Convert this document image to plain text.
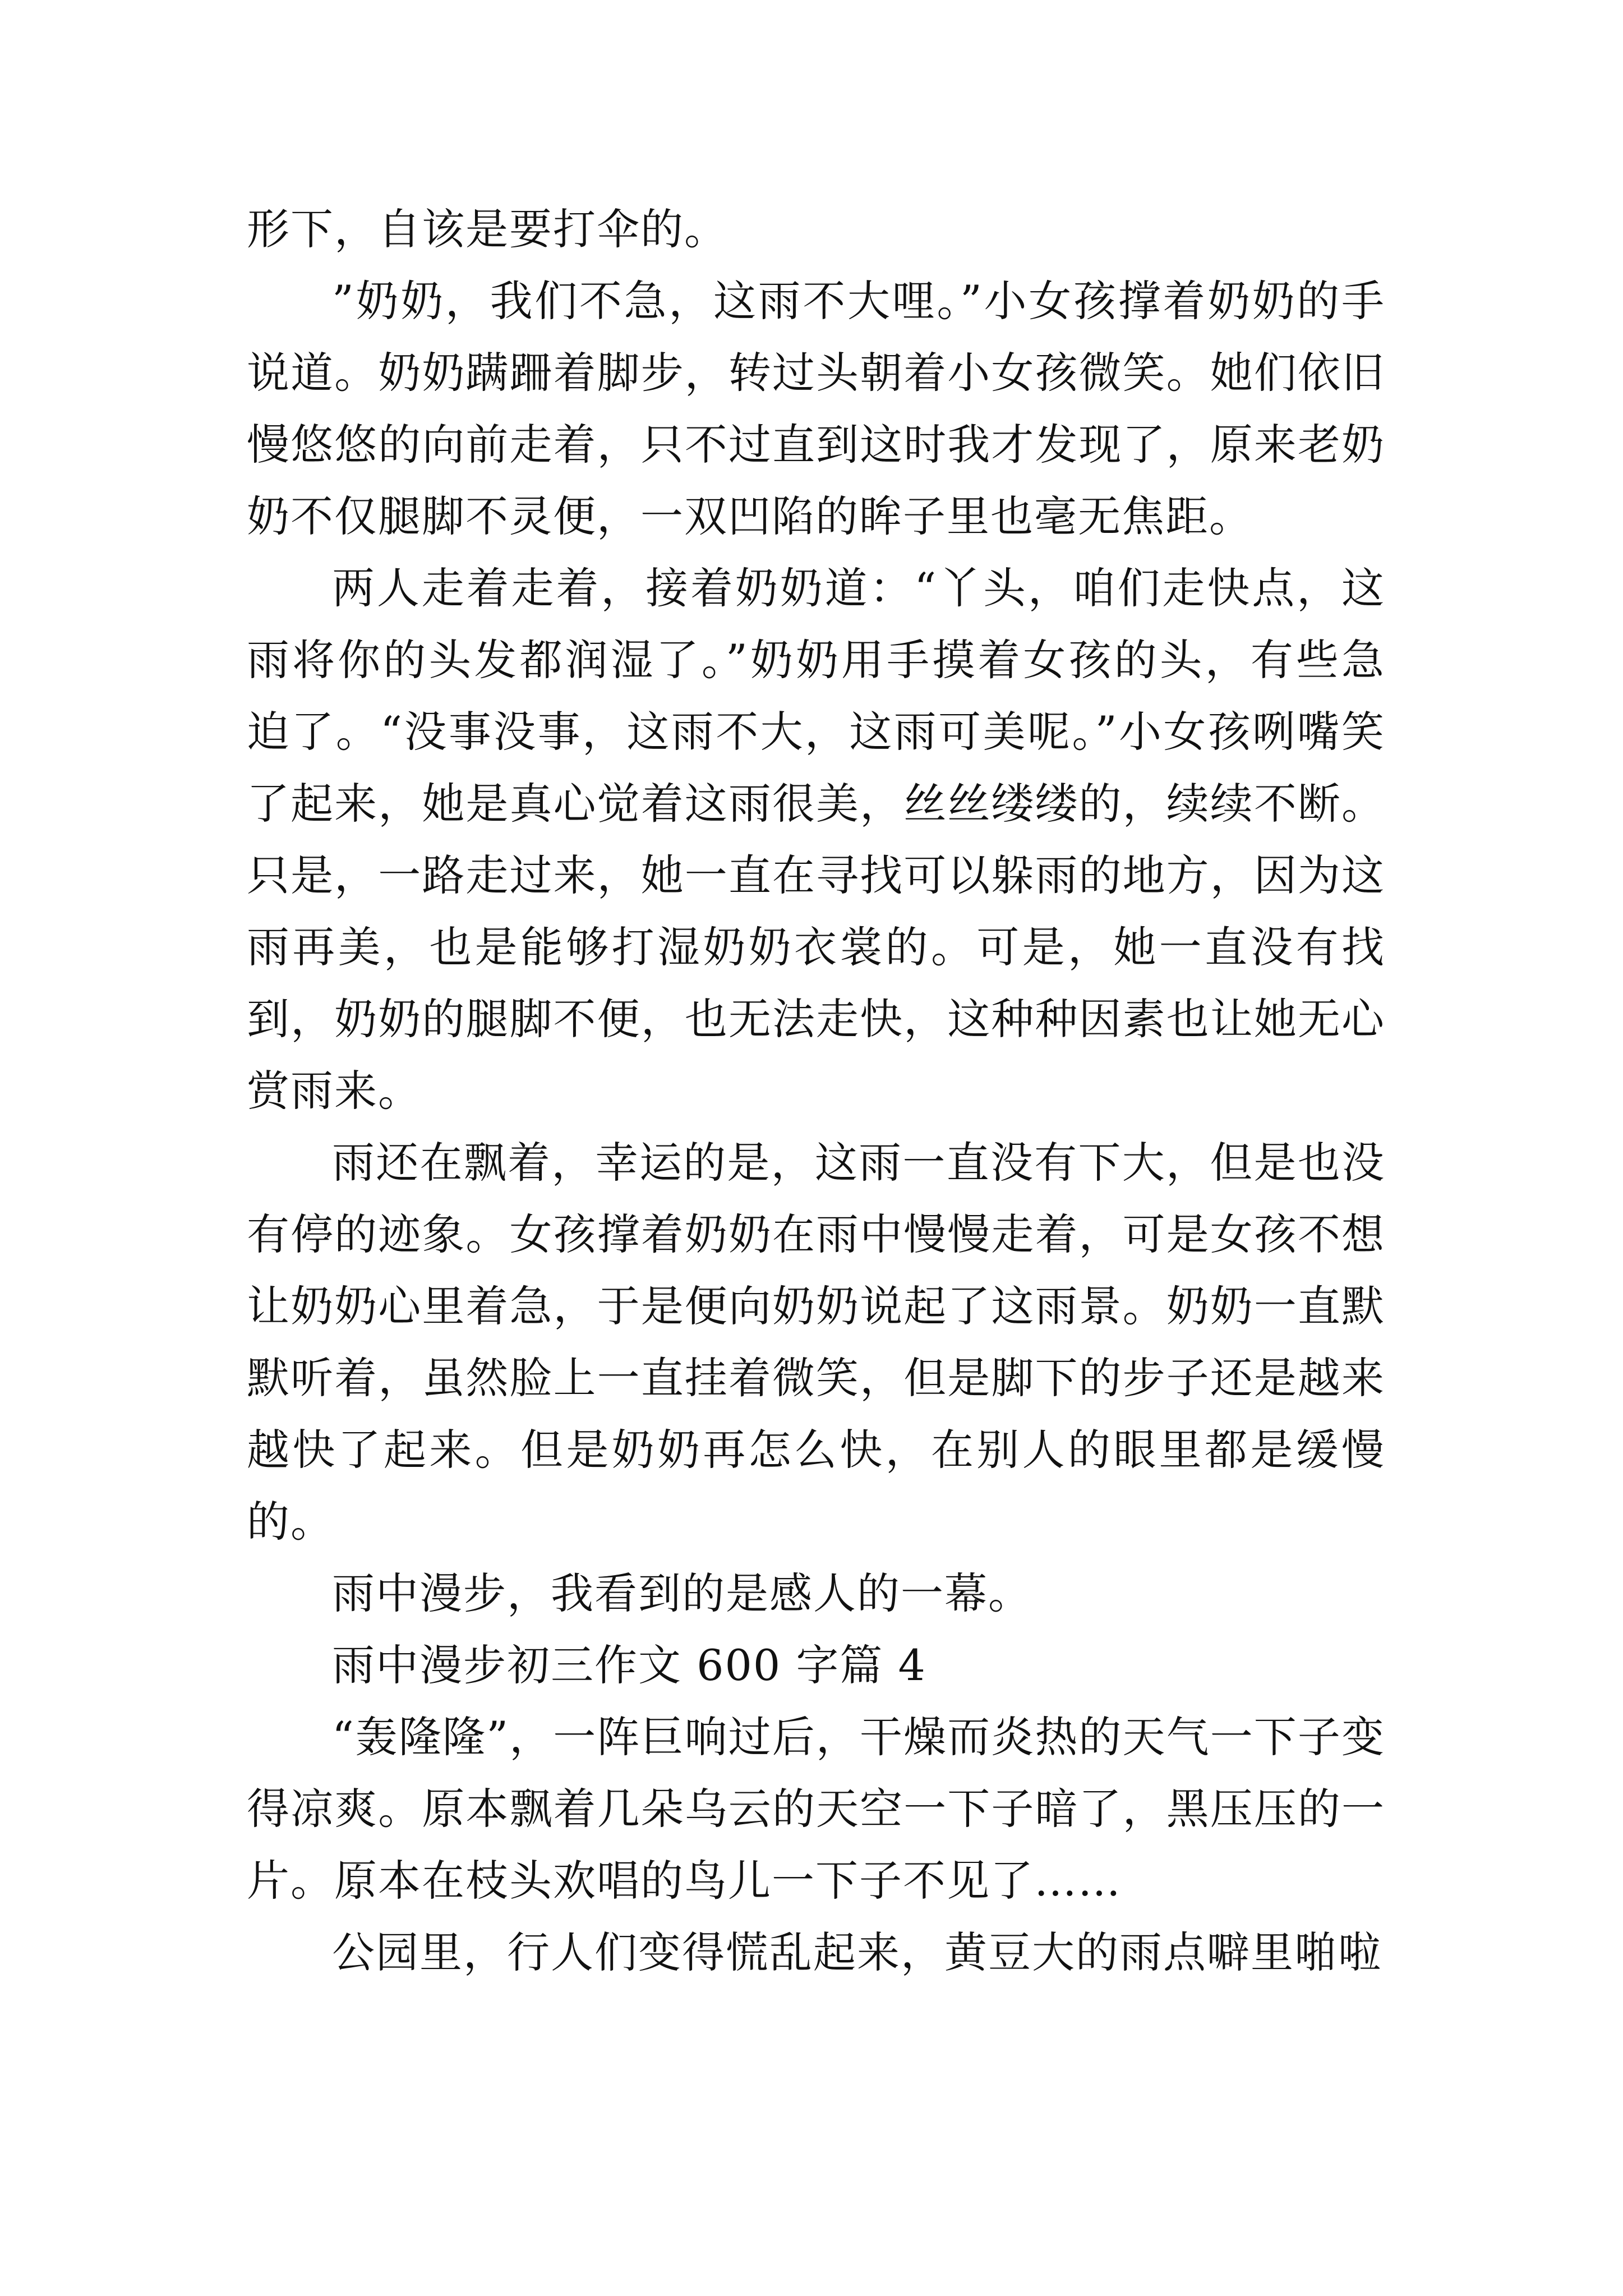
形下，自该是要打伞的。

”奶奶，我们不急，这雨不大哩。”小女孩撑着奶奶的手说道。奶奶蹒跚着脚步，转过头朝着小女孩微笑。她们依旧慢悠悠的向前走着，只不过直到这时我才发现了，原来老奶奶不仅腿脚不灵便，一双凹陷的眸子里也毫无焦距。

两人走着走着，接着奶奶道：“丫头，咱们走快点，这雨将你的头发都润湿了。”奶奶用手摸着女孩的头，有些急迫了。“没事没事，这雨不大，这雨可美呢。”小女孩咧嘴笑了起来，她是真心觉着这雨很美，丝丝缕缕的，续续不断。只是，一路走过来，她一直在寻找可以躲雨的地方，因为这雨再美，也是能够打湿奶奶衣裳的。可是，她一直没有找到，奶奶的腿脚不便，也无法走快，这种种因素也让她无心赏雨来。

雨还在飘着，幸运的是，这雨一直没有下大，但是也没有停的迹象。女孩撑着奶奶在雨中慢慢走着，可是女孩不想让奶奶心里着急，于是便向奶奶说起了这雨景。奶奶一直默默听着，虽然脸上一直挂着微笑，但是脚下的步子还是越来越快了起来。但是奶奶再怎么快，在别人的眼里都是缓慢的。

雨中漫步，我看到的是感人的一幕。

雨中漫步初三作文 600 字篇 4

“轰隆隆”，一阵巨响过后，干燥而炎热的天气一下子变得凉爽。原本飘着几朵乌云的天空一下子暗了，黑压压的一片。原本在枝头欢唱的鸟儿一下子不见了……

公园里，行人们变得慌乱起来，黄豆大的雨点噼里啪啦
